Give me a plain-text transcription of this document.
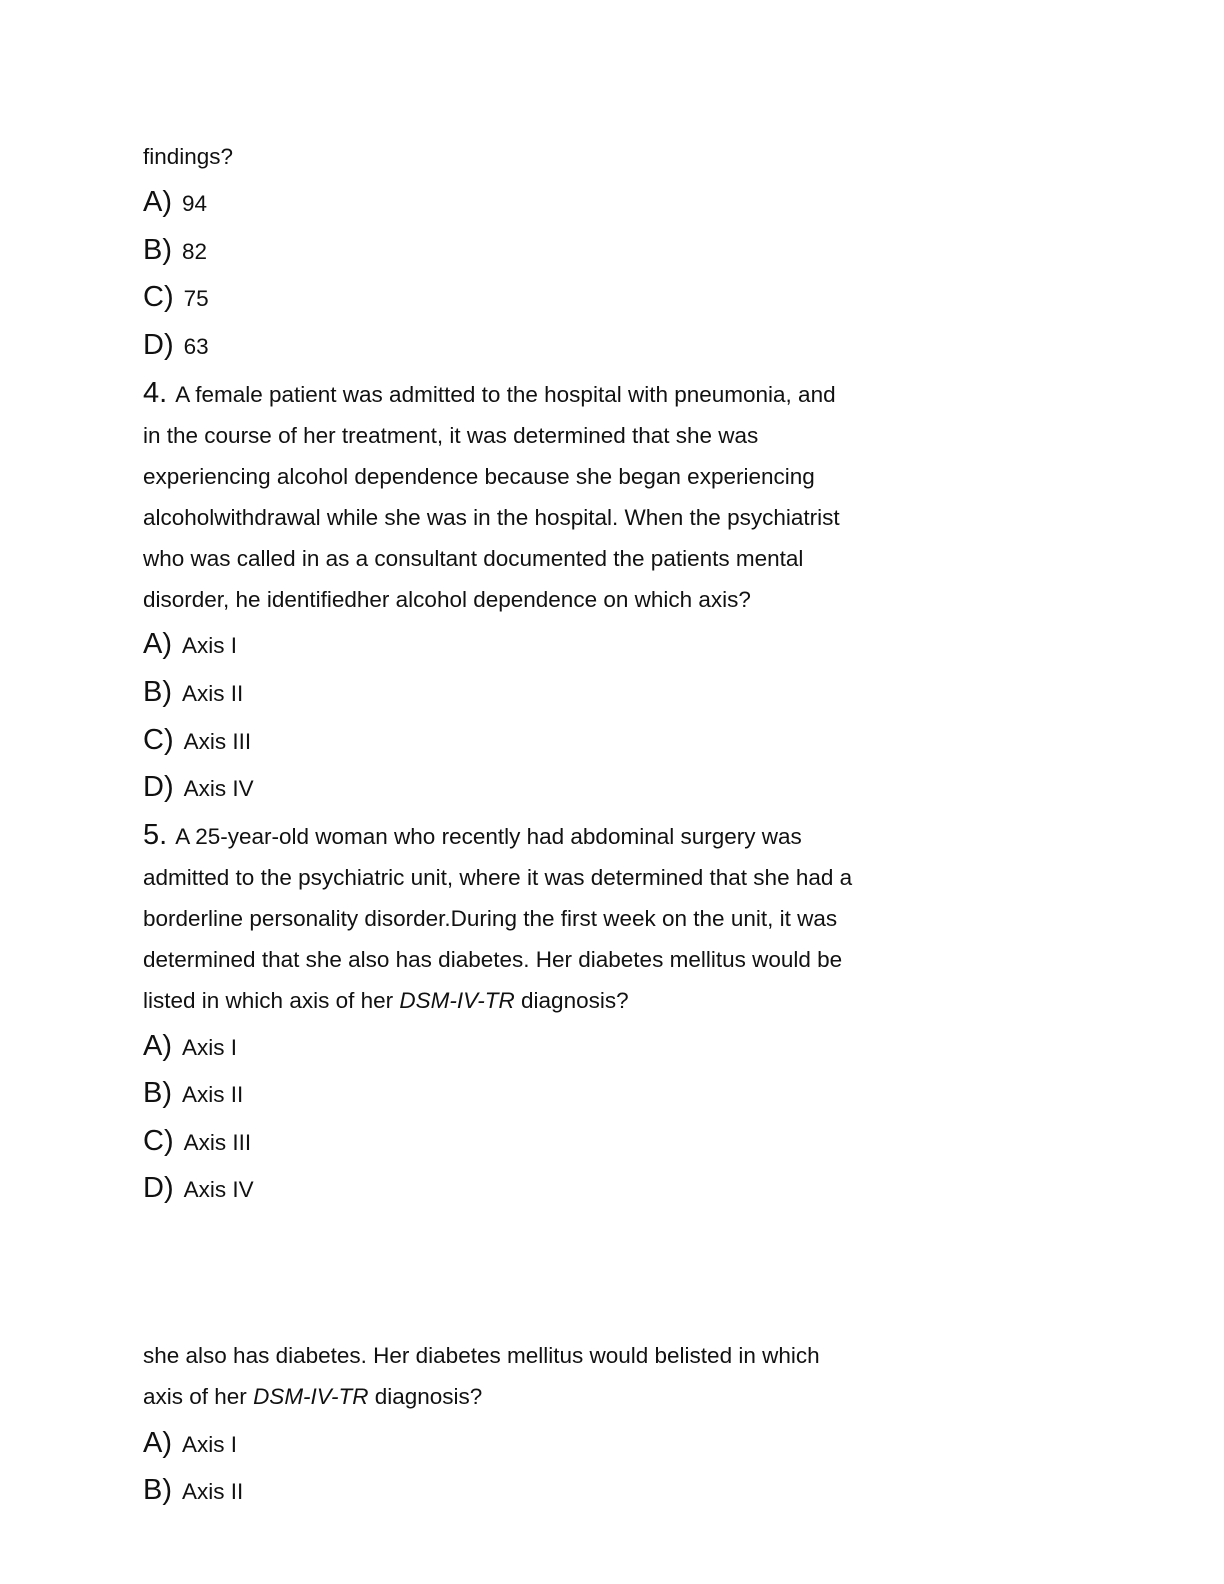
findings?
A) 94
B) 82
C) 75
D) 63
4. A female patient was admitted to the hospital with pneumonia, and
in the course of her treatment, it was determined that she was
experiencing alcohol dependence because she began experiencing
alcoholwithdrawal while she was in the hospital. When the psychiatrist
who was called in as a consultant documented the patients mental
disorder, he identifiedher alcohol dependence on which axis?
A) Axis I
B) Axis II
C) Axis III
D) Axis IV
5. A 25-year-old woman who recently had abdominal surgery was
admitted to the psychiatric unit, where it was determined that she had a
borderline personality disorder.During the first week on the unit, it was
determined that she also has diabetes. Her diabetes mellitus would be
listed in which axis of her DSM-IV-TR diagnosis?
A) Axis I
B) Axis II
C) Axis III
D) Axis IV
she also has diabetes. Her diabetes mellitus would belisted in which
axis of her DSM-IV-TR diagnosis?
A) Axis I
B) Axis II
